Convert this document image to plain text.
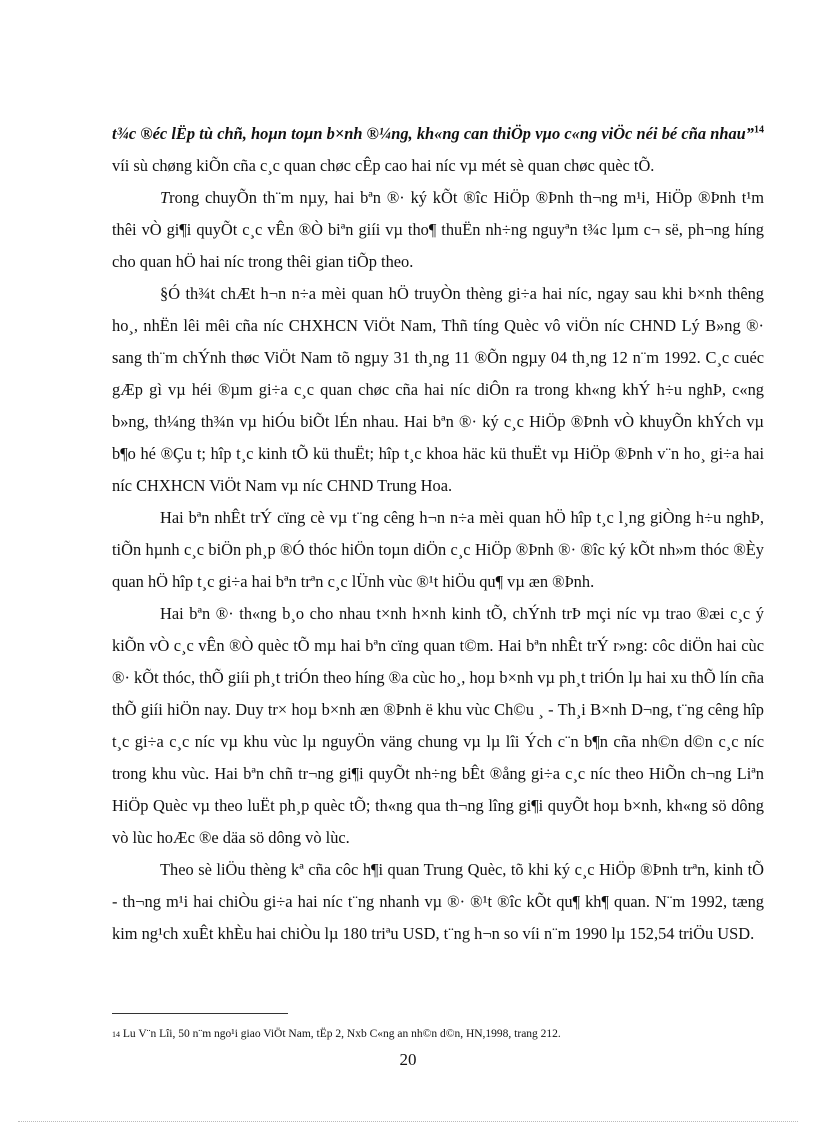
t¾c ®éc lËp tù chñ, hoµn toµn b×nh ®¼ng, kh«ng can thiÖp vµo c«ng viÖc néi bé cña nhau”$^{14}$ víi sù chøng kiÕn cña c¸c quan chøc cÊp cao hai níc vµ mét sè quan chøc quèc tÕ.

Trong chuyÕn th¨m nµy, hai bªn ®· ký kÕt ®îc HiÖp ®Þnh th¬ng m¹i, HiÖp ®Þnh t¹m thêi vÒ gi¶i quyÕt c¸c vÊn ®Ò biªn giíi vµ tho¶ thuËn nh÷ng nguyªn t¾c lµm c¬ së, ph¬ng híng cho quan hÖ hai níc trong thêi gian tiÕp theo.

§Ó th¾t chÆt h¬n n÷a mèi quan hÖ truyÒn thèng gi÷a hai níc, ngay sau khi b×nh thêng ho¸, nhËn lêi mêi cña níc CHXHCN ViÖt Nam, Thñ tíng Quèc vô viÖn níc CHND Lý B»ng ®· sang th¨m chÝnh thøc ViÖt Nam tõ ngµy 31 th¸ng 11 ®Õn ngµy 04 th¸ng 12 n¨m 1992. C¸c cuéc gÆp gì vµ héi ®µm gi÷a c¸c quan chøc cña hai níc diÔn ra trong kh«ng khÝ h÷u nghÞ, c«ng b»ng, th¼ng th¾n vµ hiÓu biÕt lÉn nhau. Hai bªn ®· ký c¸c HiÖp ®Þnh vÒ khuyÕn khÝch vµ b¶o hé ®Çu t; hîp t¸c kinh tÕ kü thuËt; hîp t¸c khoa häc kü thuËt vµ HiÖp ®Þnh v¨n ho¸ gi÷a hai níc CHXHCN ViÖt Nam vµ níc CHND Trung Hoa.

Hai bªn nhÊt trÝ cïng cè vµ t¨ng cêng h¬n n÷a mèi quan hÖ hîp t¸c l¸ng giÒng h÷u nghÞ, tiÕn hµnh c¸c biÖn ph¸p ®Ó thóc hiÖn toµn diÖn c¸c HiÖp ®Þnh ®· ®îc ký kÕt nh»m thóc ®Èy quan hÖ hîp t¸c gi÷a hai bªn trªn c¸c lÜnh vùc ®¹t hiÖu qu¶ vµ æn ®Þnh.

Hai bªn ®· th«ng b¸o cho nhau t×nh h×nh kinh tÕ, chÝnh trÞ mçi níc vµ trao ®æi c¸c ý kiÕn vÒ c¸c vÊn ®Ò quèc tÕ mµ hai bªn cïng quan t©m. Hai bªn nhÊt trÝ r»ng: côc diÖn hai cùc ®· kÕt thóc, thÕ giíi ph¸t triÓn theo híng ®a cùc ho¸, hoµ b×nh vµ ph¸t triÓn lµ hai xu thÕ lín cña thÕ giíi hiÖn nay. Duy tr× hoµ b×nh æn ®Þnh ë khu vùc Ch©u ¸ - Th¸i B×nh D¬ng, t¨ng cêng hîp t¸c gi÷a c¸c níc vµ khu vùc lµ nguyÖn väng chung vµ lµ lîi Ých c¨n b¶n cña nh©n d©n c¸c níc trong khu vùc. Hai bªn chñ tr¬ng gi¶i quyÕt nh÷ng bÊt ®ång gi÷a c¸c níc theo HiÕn ch¬ng Liªn HiÖp Quèc vµ theo luËt ph¸p quèc tÕ; th«ng qua th¬ng lîng gi¶i quyÕt hoµ b×nh, kh«ng sö dông vò lùc hoÆc ®e däa sö dông vò lùc.

Theo sè liÖu thèng kª cña côc h¶i quan Trung Quèc, tõ khi ký c¸c HiÖp ®Þnh trªn, kinh tÕ - th¬ng m¹i hai chiÒu gi÷a hai níc t¨ng nhanh vµ ®· ®¹t ®îc kÕt qu¶ kh¶ quan. N¨m 1992, tæng kim ng¹ch xuÊt khÈu hai chiÒu lµ 180 triªu USD, t¨ng h¬n so víi n¨m 1990 lµ 152,54 triÖu USD.

14 Lu V¨n Lîi, 50 n¨m ngo¹i giao ViÖt Nam, tËp 2, Nxb C«ng an nh©n d©n, HN,1998, trang 212.
20
